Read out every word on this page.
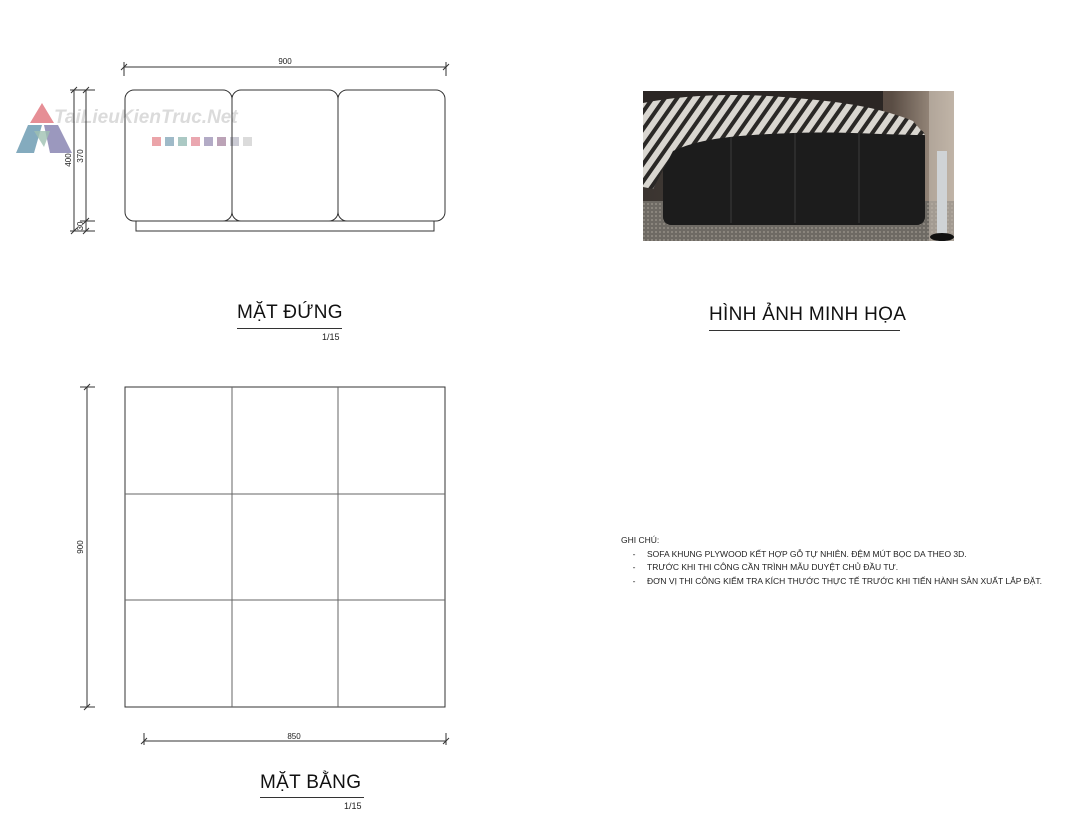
TaiLieuKienTruc.Net
900
400 370
30
900
850
MẶT ĐỨNG
1/15
MẶT BẰNG
1/15
HÌNH ẢNH MINH HỌA
GHI CHÚ:
-	SOFA KHUNG PLYWOOD KẾT HỢP GỖ TỰ NHIÊN. ĐỆM MÚT BỌC DA THEO 3D.
-	TRƯỚC KHI THI CÔNG CẦN TRÌNH MẪU DUYỆT CHỦ ĐẦU TƯ.
-	ĐƠN VỊ THI CÔNG KIỂM TRA KÍCH THƯỚC THỰC TẾ TRƯỚC KHI TIẾN HÀNH SẢN XUẤT LẮP ĐẶT.
